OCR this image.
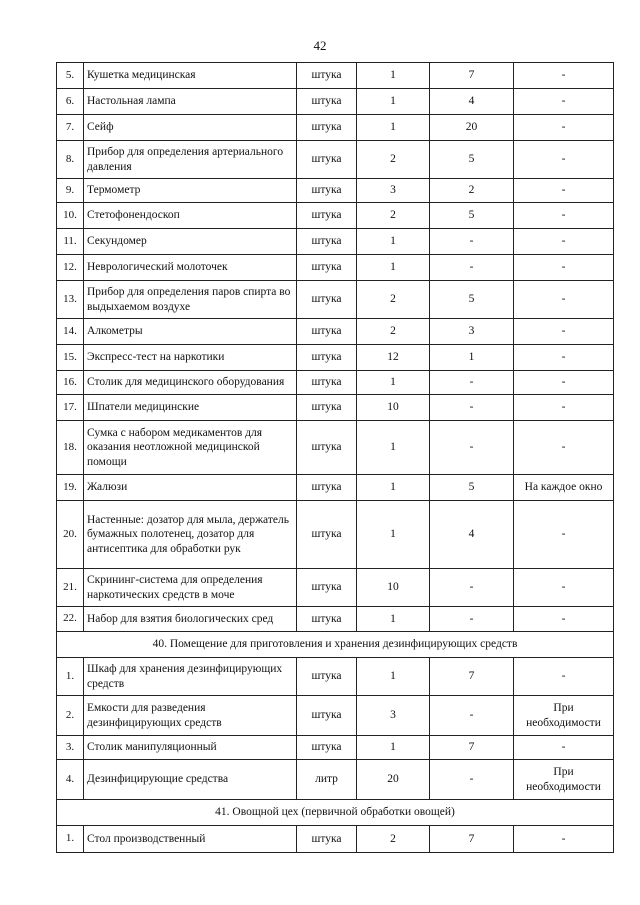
42
5.	Кушетка медицинская	штука	1	7	-
6.	Настольная лампа	штука	1	4	-
7.	Сейф	штука	1	20	-
8.	Прибор для определения артериального давления	штука	2	5	-
9.	Термометр	штука	3	2	-
10.	Стетофонендоскоп	штука	2	5	-
11.	Секундомер	штука	1	-	-
12.	Неврологический молоточек	штука	1	-	-
13.	Прибор для определения паров спирта во выдыхаемом воздухе	штука	2	5	-
14.	Алкометры	штука	2	3	-
15.	Экспресс-тест на наркотики	штука	12	1	-
16.	Столик для медицинского оборудования	штука	1	-	-
17.	Шпатели медицинские	штука	10	-	-
18.	Сумка с набором медикаментов для оказания неотложной медицинской помощи	штука	1	-	-
19.	Жалюзи	штука	1	5	На каждое окно
20.	Настенные: дозатор для мыла, держатель бумажных полотенец, дозатор для антисептика для обработки рук	штука	1	4	-
21.	Скрининг-система для определения наркотических средств в моче	штука	10	-	-
22.	Набор для взятия биологических сред	штука	1	-	-
40. Помещение для приготовления и хранения дезинфицирующих средств					
1.	Шкаф для хранения дезинфицирующих средств	штука	1	7	-
2.	Емкости для разведения дезинфицирующих средств	штука	3	-	При необходимости
3.	Столик манипуляционный	штука	1	7	-
4.	Дезинфицирующие средства	литр	20	-	При необходимости
41. Овощной цех (первичной обработки овощей)					
1.	Стол производственный	штука	2	7	-
